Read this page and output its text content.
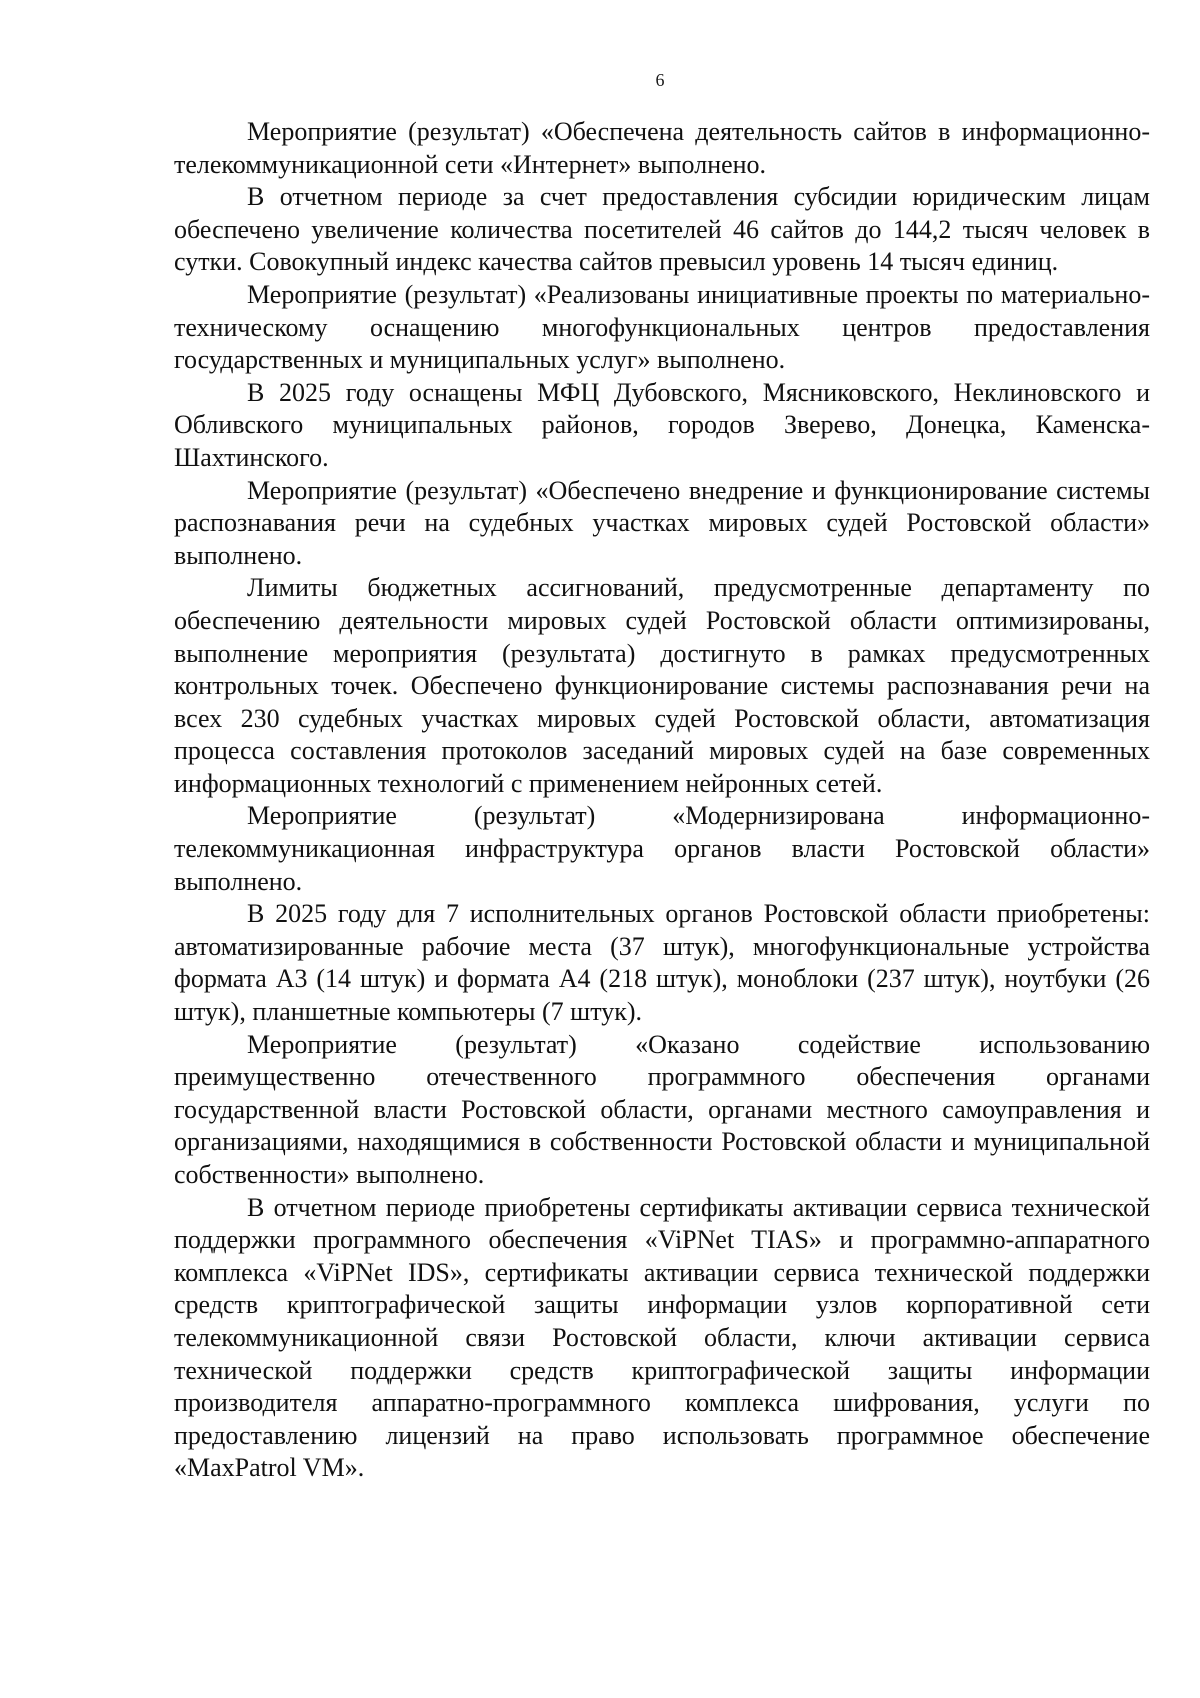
6

Мероприятие (результат) «Обеспечена деятельность сайтов в информационно-телекоммуникационной сети «Интернет» выполнено.

В отчетном периоде за счет предоставления субсидии юридическим лицам обеспечено увеличение количества посетителей 46 сайтов до 144,2 тысяч человек в сутки. Совокупный индекс качества сайтов превысил уровень 14 тысяч единиц.

Мероприятие (результат) «Реализованы инициативные проекты по материально-техническому оснащению многофункциональных центров предоставления государственных и муниципальных услуг» выполнено.

В 2025 году оснащены МФЦ Дубовского, Мясниковского, Неклиновского и Обливского муниципальных районов, городов Зверево, Донецка, Каменска-Шахтинского.

Мероприятие (результат) «Обеспечено внедрение и функционирование системы распознавания речи на судебных участках мировых судей Ростовской области» выполнено.

Лимиты бюджетных ассигнований, предусмотренные департаменту по обеспечению деятельности мировых судей Ростовской области оптимизированы, выполнение мероприятия (результата) достигнуто в рамках предусмотренных контрольных точек. Обеспечено функционирование системы распознавания речи на всех 230 судебных участках мировых судей Ростовской области, автоматизация процесса составления протоколов заседаний мировых судей на базе современных информационных технологий с применением нейронных сетей.

Мероприятие (результат) «Модернизирована информационно-телекоммуникационная инфраструктура органов власти Ростовской области» выполнено.

В 2025 году для 7 исполнительных органов Ростовской области приобретены: автоматизированные рабочие места (37 штук), многофункциональные устройства формата А3 (14 штук) и формата А4 (218 штук), моноблоки (237 штук), ноутбуки (26 штук), планшетные компьютеры (7 штук).

Мероприятие (результат) «Оказано содействие использованию преимущественно отечественного программного обеспечения органами государственной власти Ростовской области, органами местного самоуправления и организациями, находящимися в собственности Ростовской области и муниципальной собственности» выполнено.

В отчетном периоде приобретены сертификаты активации сервиса технической поддержки программного обеспечения «ViPNet TIAS» и программно-аппаратного комплекса «ViPNet IDS», сертификаты активации сервиса технической поддержки средств криптографической защиты информации узлов корпоративной сети телекоммуникационной связи Ростовской области, ключи активации сервиса технической поддержки средств криптографической защиты информации производителя аппаратно-программного комплекса шифрования, услуги по предоставлению лицензий на право использовать программное обеспечение «MaxPatrol VM».
